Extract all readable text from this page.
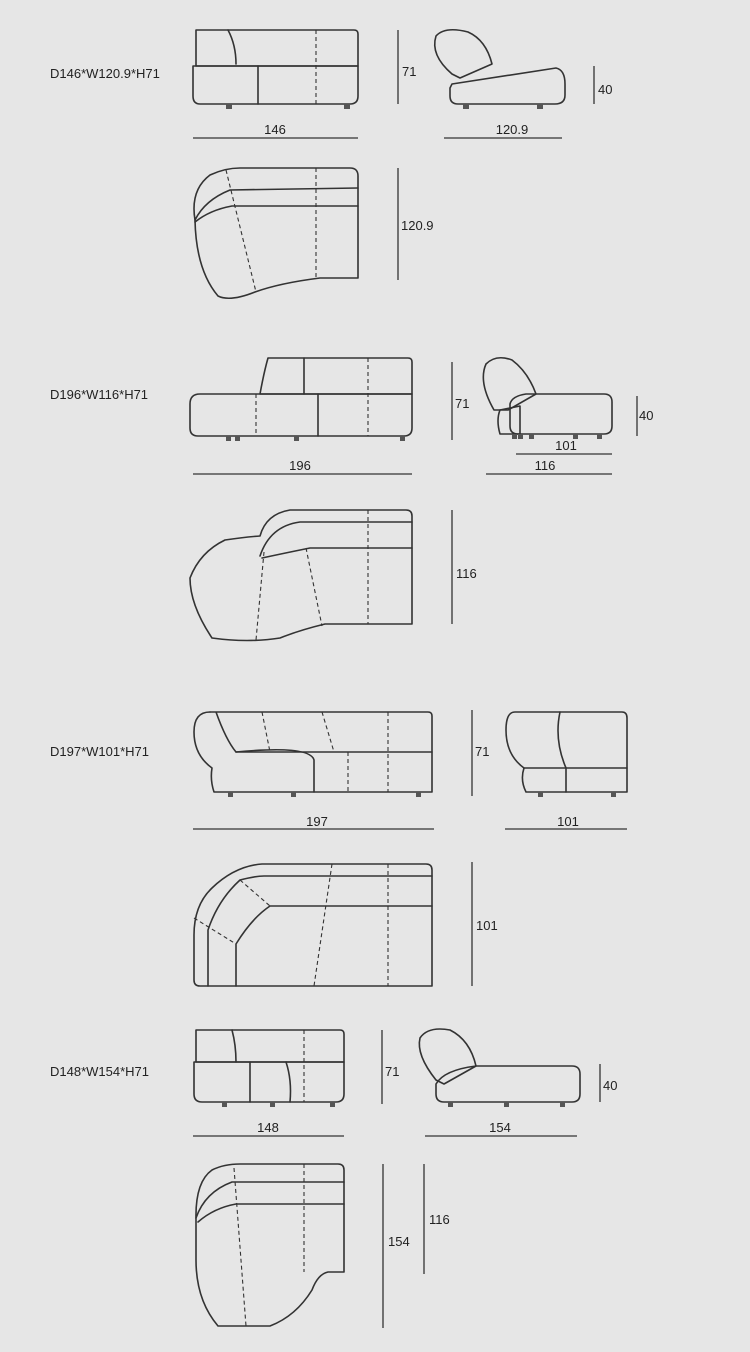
D146*W120.9*H71
146
71
120.9
40
120.9
D196*W116*H71
196
71
101
116
40
116
D197*W101*H71
197
71
101
101
D148*W154*H71
148
71
154
40
154
116
